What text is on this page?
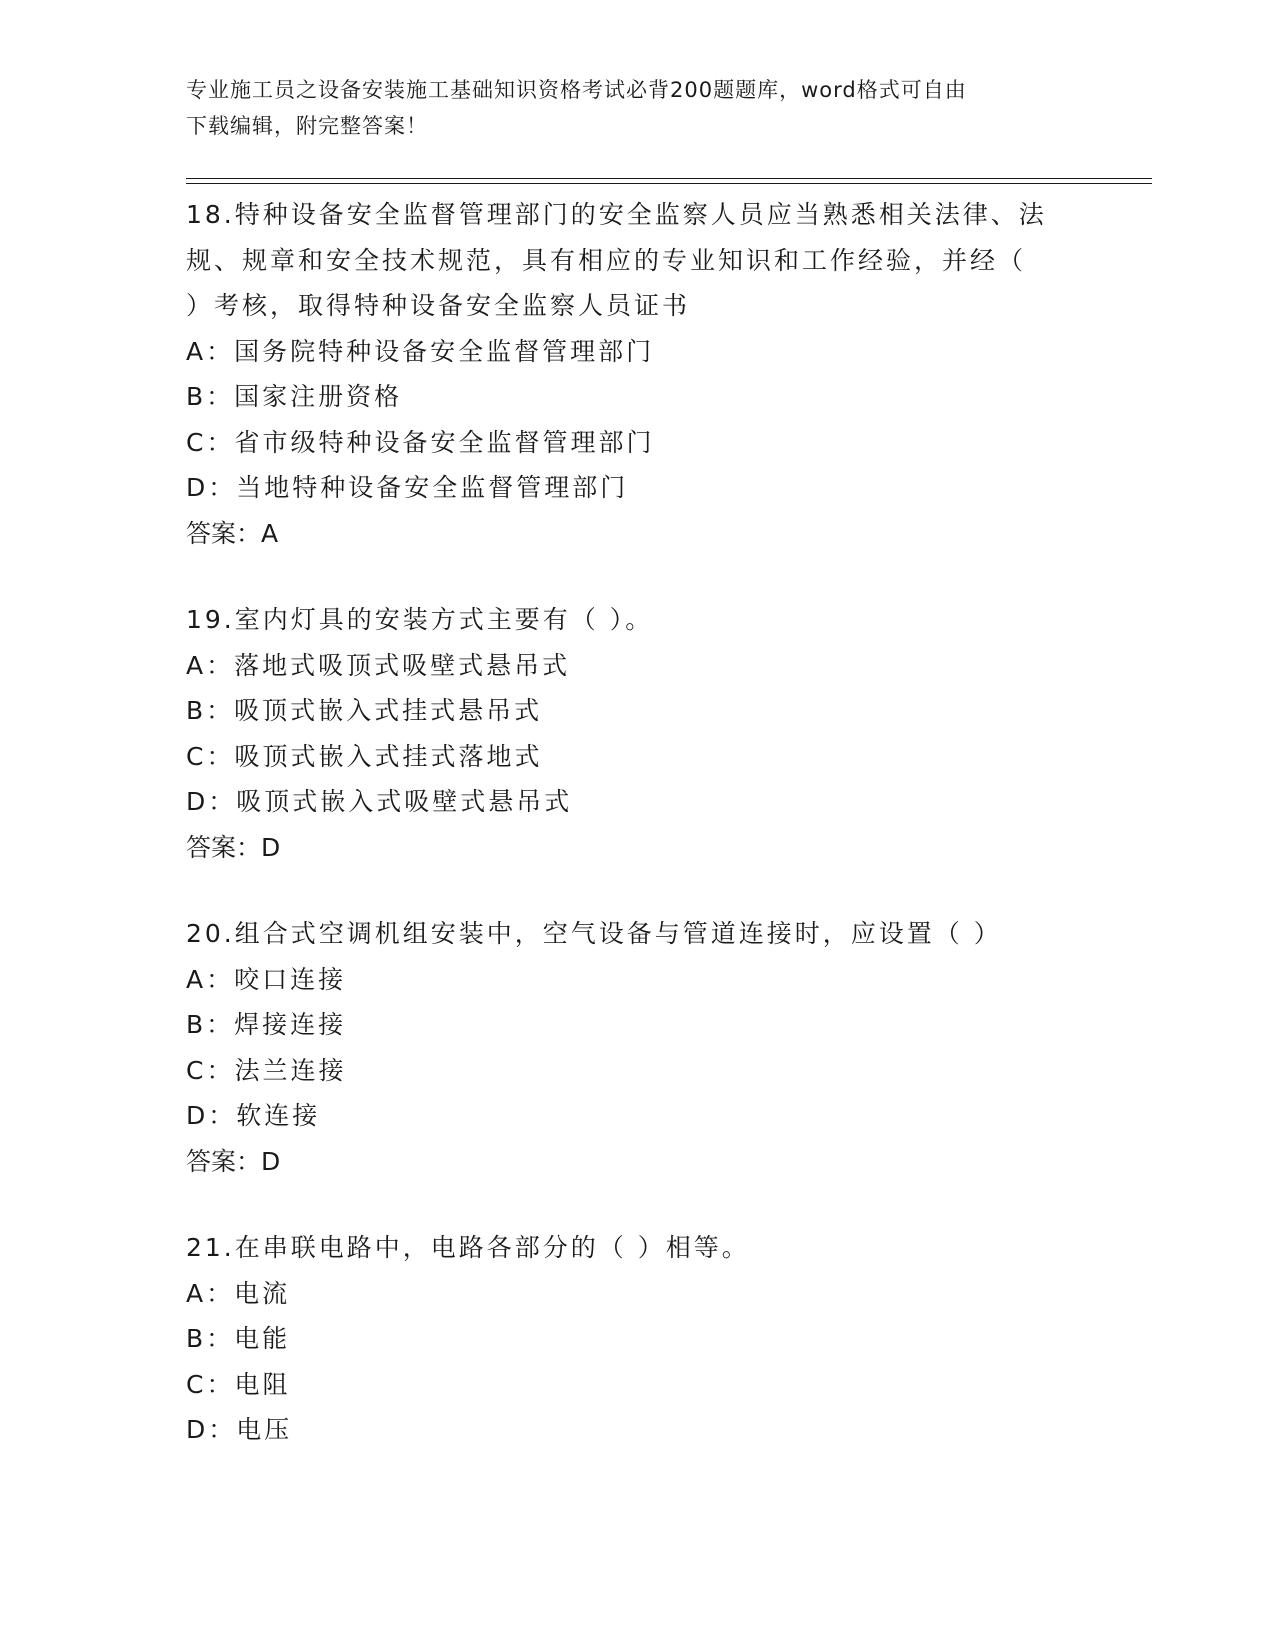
专业施工员之设备安装施工基础知识资格考试必背200题题库，word格式可自由
下载编辑，附完整答案！
18.特种设备安全监督管理部门的安全监察人员应当熟悉相关法律、法
规、规章和安全技术规范，具有相应的专业知识和工作经验，并经（
）考核，取得特种设备安全监察人员证书
A：国务院特种设备安全监督管理部门
B：国家注册资格
C：省市级特种设备安全监督管理部门
D：当地特种设备安全监督管理部门
答案：A
19.室内灯具的安装方式主要有（ ）。
A：落地式吸顶式吸壁式悬吊式
B：吸顶式嵌入式挂式悬吊式
C：吸顶式嵌入式挂式落地式
D：吸顶式嵌入式吸壁式悬吊式
答案：D
20.组合式空调机组安装中，空气设备与管道连接时，应设置（ ）
A：咬口连接
B：焊接连接
C：法兰连接
D：软连接
答案：D
21.在串联电路中，电路各部分的（ ）相等。
A：电流
B：电能
C：电阻
D：电压
